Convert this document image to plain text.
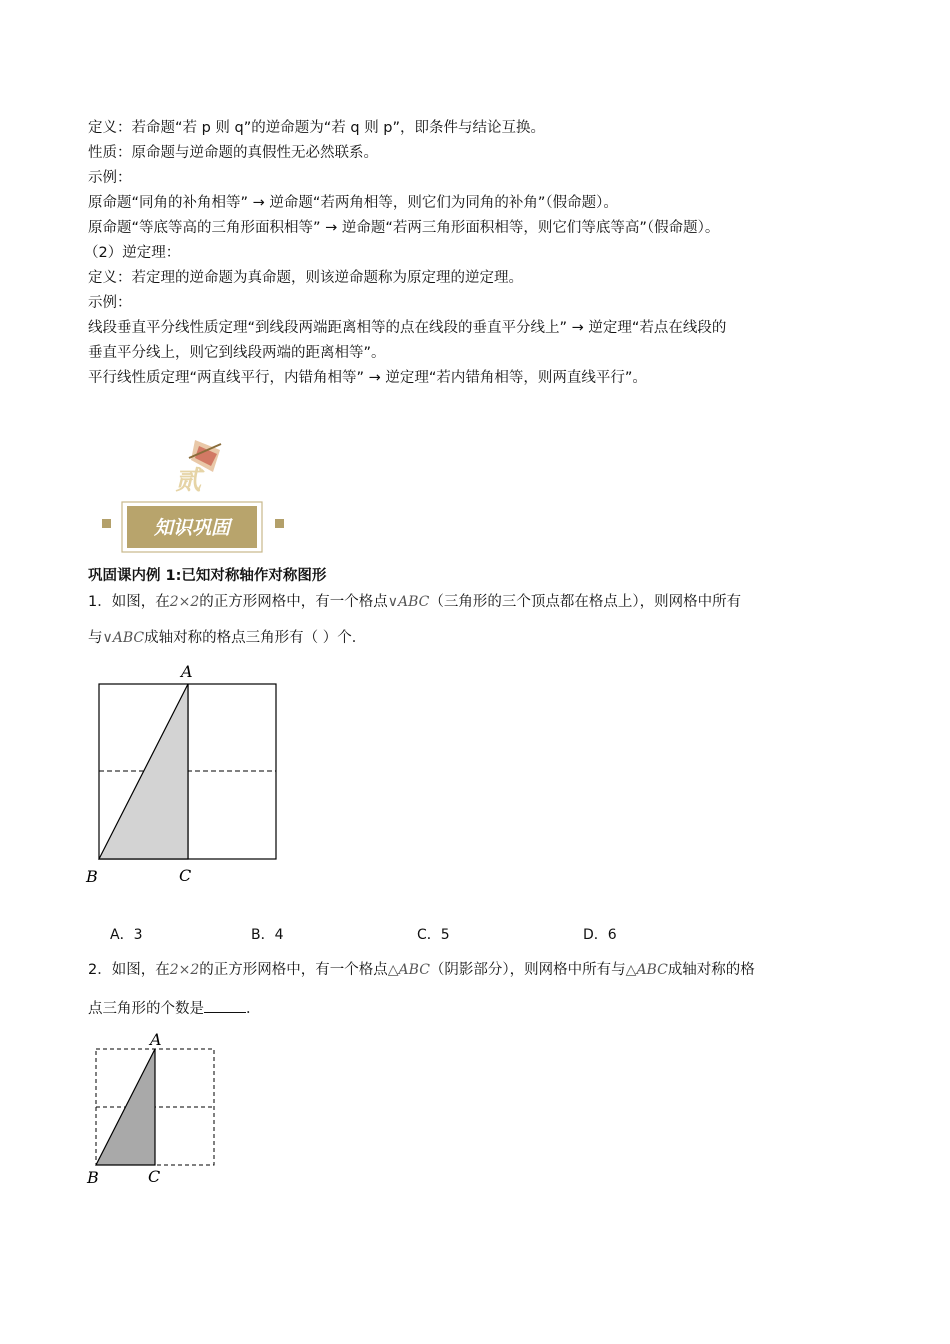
定义：若命题“若 p 则 q”的逆命题为“若 q 则 p”，即条件与结论互换。
性质：原命题与逆命题的真假性无必然联系。
示例：
原命题“同角的补角相等” → 逆命题“若两角相等，则它们为同角的补角”（假命题）。
原命题“等底等高的三角形面积相等” → 逆命题“若两三角形面积相等，则它们等底等高”（假命题）。
（2）逆定理：
定义：若定理的逆命题为真命题，则该逆命题称为原定理的逆定理。
示例：
线段垂直平分线性质定理“到线段两端距离相等的点在线段的垂直平分线上” → 逆定理“若点在线段的
垂直平分线上，则它到线段两端的距离相等”。
平行线性质定理“两直线平行，内错角相等” → 逆定理“若内错角相等，则两直线平行”。
贰
知识巩固
巩固课内例 1:已知对称轴作对称图形
1．如图，在2×2的正方形网格中，有一个格点∨ABC（三角形的三个顶点都在格点上），则网格中所有
与∨ABC成轴对称的格点三角形有（ ）个．
A
B	C
A．3	B．4	C．5	D．6
2．如图，在2×2的正方形网格中，有一个格点△ABC（阴影部分），则网格中所有与△ABC成轴对称的格
点三角形的个数是	．
A
B	C
